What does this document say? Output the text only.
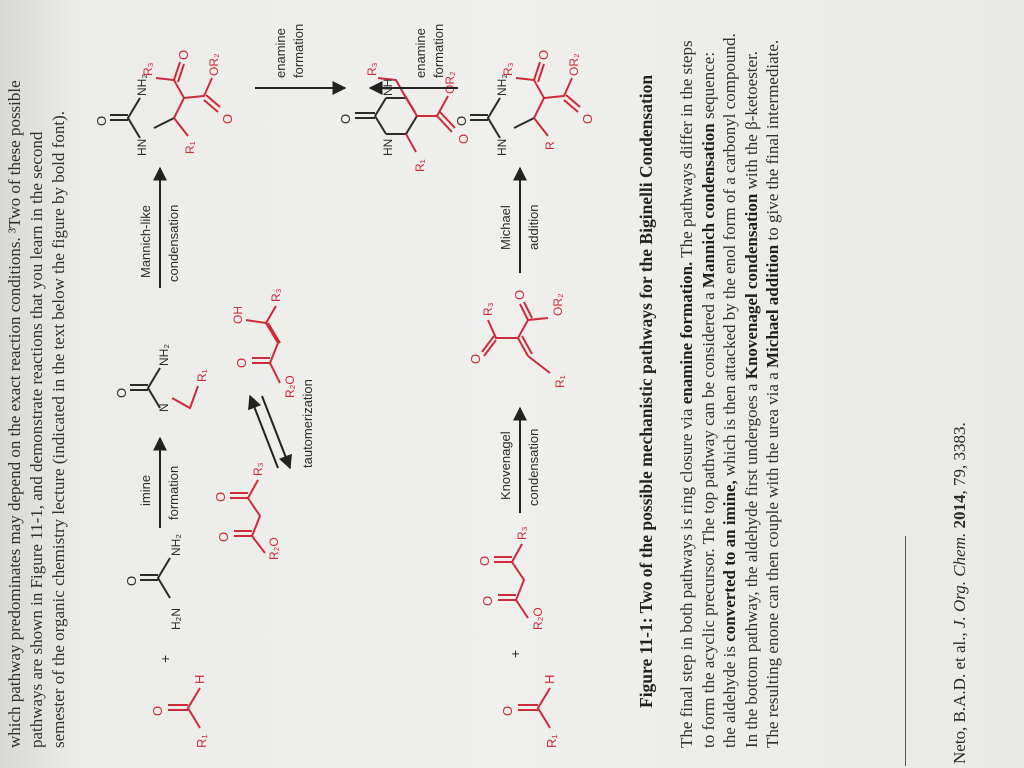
which pathway predominates may depend on the exact reaction conditions. ³Two of these possible pathways are shown in Figure 11-1, and demonstrate reactions that you learn in the second semester of the organic chemistry lecture (indicated in the text below the figure by bold font).	O
H
R₁
+
O
H₂N
NH₂
imine formation
O
N
NH₂
R₁
R₂O
O
O
R₃
tautomerization
R₂O
O
OH
R₃
Mannich-like condensation
HN
O
NH₂
R₁
R₃
O
O
OR₂	enamine formation
O
HN
NH
R₃
R₁
O
OR₂
O
H
R₁
+
R₂O
O
O
R₃
Knovenagel condensation
R₁
O
R₃
O OR₂
Michael addition
HN
O
NH₂
R
R₃
O
O
OR₂
enamine formation
Figure 11-1: Two of the possible mechanistic pathways for the Biginelli Condensation The final step in both pathways is ring closure via enamine formation. The pathways differ in the steps to form the acyclic precursor. The top pathway can be considered a Mannich condensation sequence: the aldehyde is converted to an imine, which is then attacked by the enol form of a carbonyl compound. In the bottom pathway, the aldehyde first undergoes a Knovenagel condensation with the β-ketoester. The resulting enone can then couple with the urea via a Michael addition to give the final intermediate.
Neto, B.A.D. et al., J. Org. Chem. 2014, 79, 3383.
